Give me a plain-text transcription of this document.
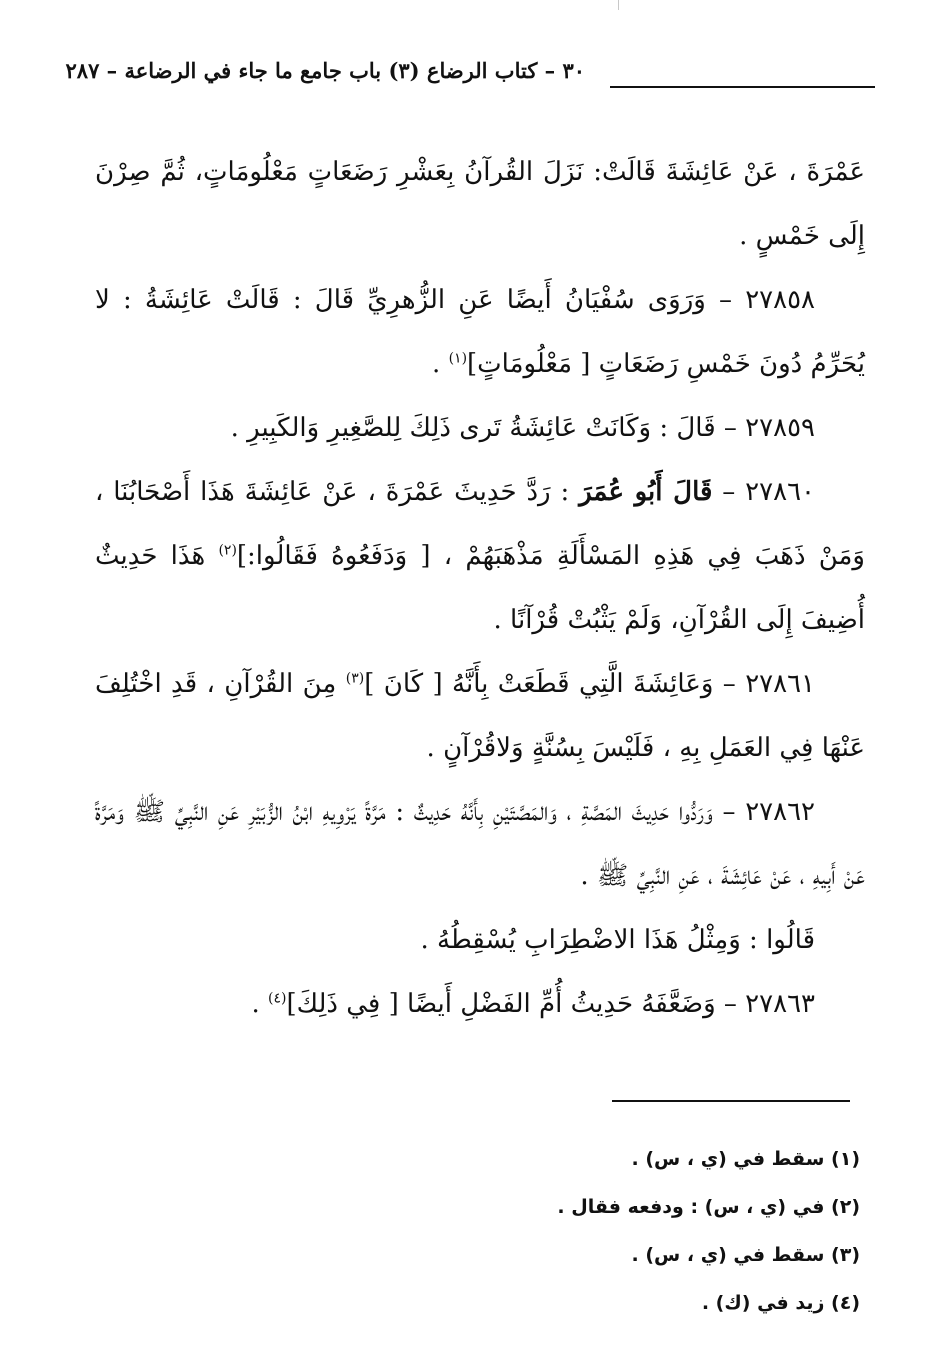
٣٠ – كتاب الرضاع (٣) باب جامع ما جاء في الرضاعة – ٢٨٧

عَمْرَةَ ، عَنْ عَائِشَةَ قَالَتْ: نَزَلَ القُرآنُ بِعَشْرِ رَضَعَاتٍ مَعْلُومَاتٍ، ثُمَّ صِرْنَ إِلَى خَمْسٍ .

٢٧٨٥٨ – وَرَوَى سُفْيَانُ أَيضًا عَنِ الزُّهرِيِّ قَالَ : قَالَتْ عَائِشَةُ : لا يُحَرِّمُ دُونَ خَمْسِ رَضَعَاتٍ [ مَعْلُومَاتٍ]$^{(١)}$ .

٢٧٨٥٩ – قَالَ : وَكَانَتْ عَائِشَةُ تَرى ذَلِكَ لِلصَّغِيرِ وَالكَبِيرِ .

٢٧٨٦٠ – قَالَ أَبُو عُمَرَ : رَدَّ حَدِيثَ عَمْرَةَ ، عَنْ عَائِشَةَ هَذَا أَصْحَابُنَا ، وَمَنْ ذَهَبَ فِي هَذِهِ المَسْأَلَةِ مَذْهَبَهُمْ ، [ وَدَفَعُوهُ فَقَالُوا:]$^{(٢)}$ هَذَا حَدِيثٌ أُضِيفَ إِلَى القُرْآنِ، وَلَمْ يَثْبُتْ قُرْآنًا .

٢٧٨٦١ – وَعَائِشَةَ الَّتِي قَطَعَتْ بِأَنَّهُ [ كَانَ ]$^{(٣)}$ مِنَ القُرْآنِ ، قَدِ اخْتُلِفَ عَنْهَا فِي العَمَلِ بِهِ ، فَلَيْسَ بِسُنَّةٍ وَلاقُرْآنٍ .

٢٧٨٦٢ – وَرَدُّوا حَدِيثَ المَصَّةِ ، وَالمَصَّتَيْنِ بِأَنَّهُ حَدِيثٌ : مَرَّةً يَرْوِيهِ ابْنُ الزُّبَيْرِ عَنِ النَّبِيِّ ﷺ وَمَرَّةً عَنْ أَبِيهِ ، عَنْ عَائِشَةَ ، عَنِ النَّبِيِّ ﷺ .

قَالُوا : وَمِثْلُ هَذَا الاضْطِرَابِ يُسْقِطُهُ .

٢٧٨٦٣ – وَضَعَّفَهُ حَدِيثُ أُمِّ الفَضْلِ أَيضًا [ فِي ذَلِكَ]$^{(٤)}$ .

(١) سقط في (ي ، س) .

(٢) في (ي ، س) : ودفعه فقال .

(٣) سقط في (ي ، س) .

(٤) زيد في (ك) .
